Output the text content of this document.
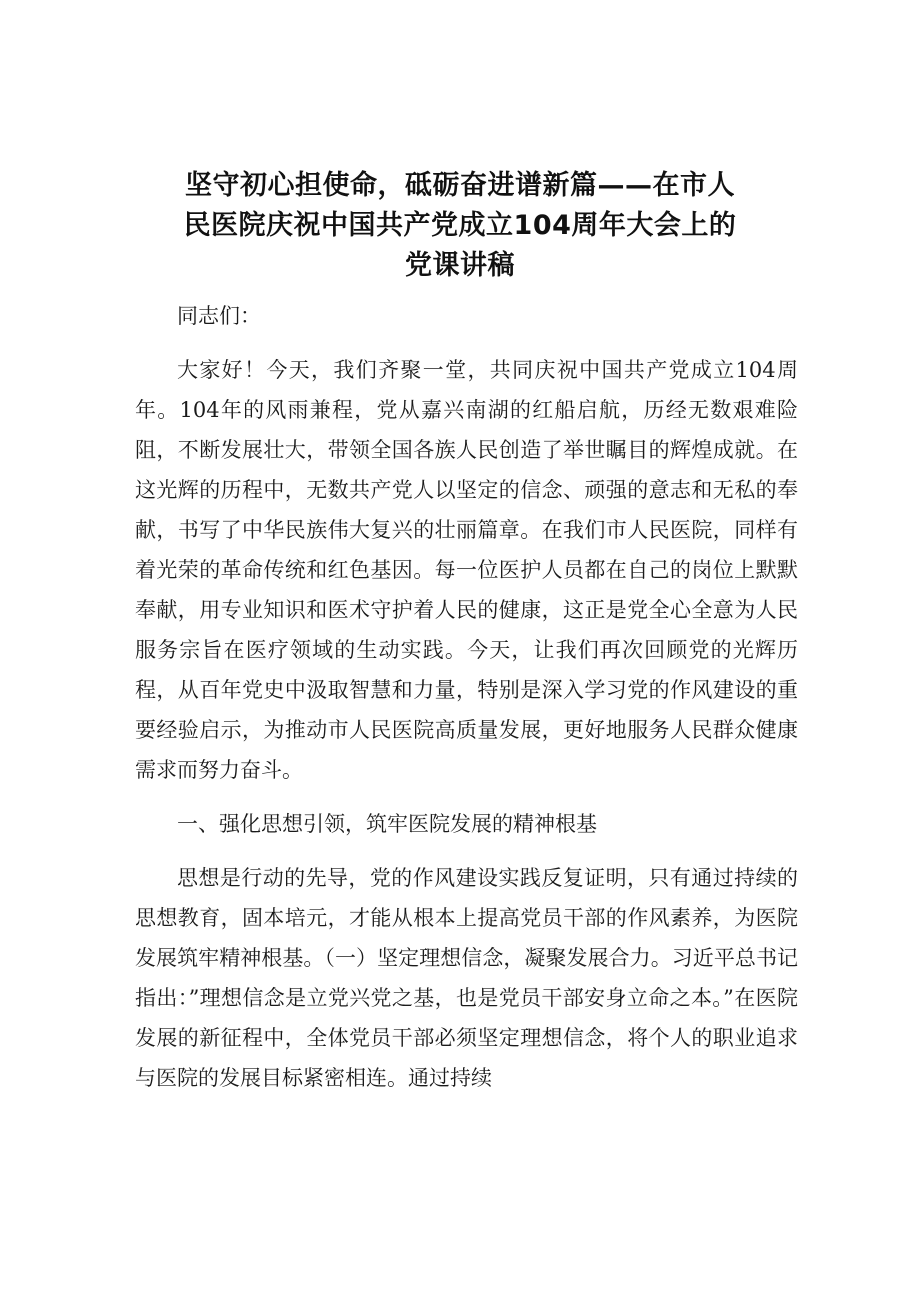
坚守初心担使命，砥砺奋进谱新篇——在市人
民医院庆祝中国共产党成立104周年大会上的
党课讲稿

同志们：

大家好！今天，我们齐聚一堂，共同庆祝中国共产党成立104周年。104年的风雨兼程，党从嘉兴南湖的红船启航，历经无数艰难险阻，不断发展壮大，带领全国各族人民创造了举世瞩目的辉煌成就。在这光辉的历程中，无数共产党人以坚定的信念、顽强的意志和无私的奉献，书写了中华民族伟大复兴的壮丽篇章。在我们市人民医院，同样有着光荣的革命传统和红色基因。每一位医护人员都在自己的岗位上默默奉献，用专业知识和医术守护着人民的健康，这正是党全心全意为人民服务宗旨在医疗领域的生动实践。今天，让我们再次回顾党的光辉历程，从百年党史中汲取智慧和力量，特别是深入学习党的作风建设的重要经验启示，为推动市人民医院高质量发展，更好地服务人民群众健康需求而努力奋斗。

一、强化思想引领，筑牢医院发展的精神根基

思想是行动的先导，党的作风建设实践反复证明，只有通过持续的思想教育，固本培元，才能从根本上提高党员干部的作风素养，为医院发展筑牢精神根基。（一）坚定理想信念，凝聚发展合力。习近平总书记指出：”理想信念是立党兴党之基，也是党员干部安身立命之本。”在医院发展的新征程中，全体党员干部必须坚定理想信念，将个人的职业追求与医院的发展目标紧密相连。通过持续
